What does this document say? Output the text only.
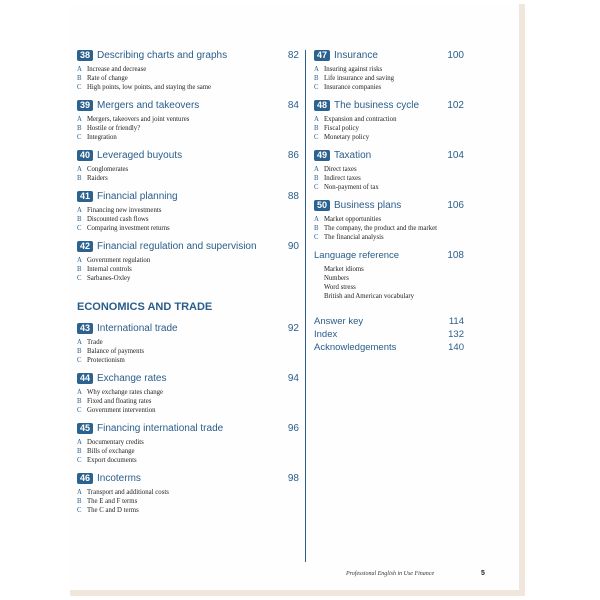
38 Describing charts and graphs	82
A Increase and decrease
B Rate of change
C High points, low points, and staying the same
39 Mergers and takeovers	84
A Mergers, takeovers and joint ventures
B Hostile or friendly?
C Integration
40 Leveraged buyouts	86
A Conglomerates
B Raiders
41 Financial planning	88
A Financing new investments
B Discounted cash flows
C Comparing investment returns
42 Financial regulation and supervision	90
A Government regulation
B Internal controls
C Sarbanes-Oxley
ECONOMICS AND TRADE
43 International trade	92
A Trade
B Balance of payments
C Protectionism
44 Exchange rates	94
A Why exchange rates change
B Fixed and floating rates
C Government intervention
45 Financing international trade	96
A Documentary credits
B Bills of exchange
C Export documents
46 Incoterms	98
A Transport and additional costs
B The E and F terms
C The C and D terms
47 Insurance	100
A Insuring against risks
B Life insurance and saving
C Insurance companies
48 The business cycle	102
A Expansion and contraction
B Fiscal policy
C Monetary policy
49 Taxation	104
A Direct taxes
B Indirect taxes
C Non-payment of tax
50 Business plans	106
A Market opportunities
B The company, the product and the market
C The financial analysis
Language reference	108
Market idioms
Numbers
Word stress
British and American vocabulary
Answer key	114
Index	132
Acknowledgements	140
Professional English in Use Finance	5
